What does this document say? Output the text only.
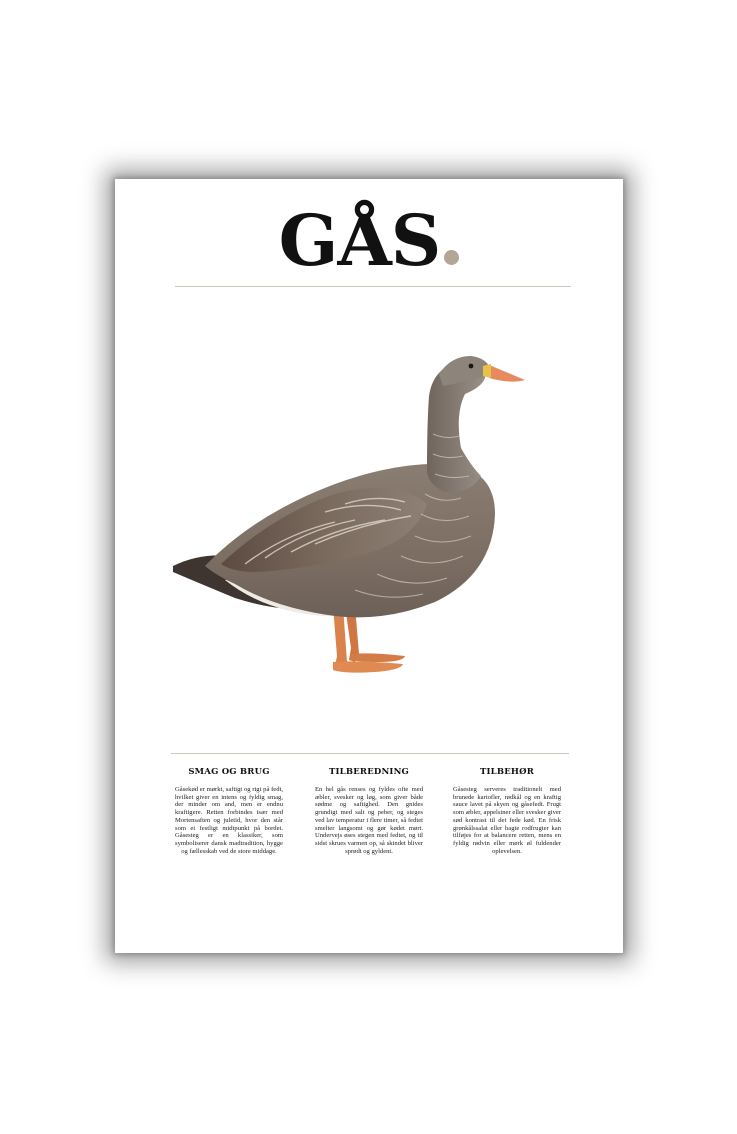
GÅS
SMAG OG BRUG

Gåsekød er mørkt, saftigt og rigt på fedt, hvilket giver en intens og fyldig smag, der minder om and, men er endnu kraftigere. Retten forbindes især med Mortensaften og juletid, hvor den står som et festligt midtpunkt på bordet. Gåsesteg er en klassiker, som symboliserer dansk madtradition, hygge og fællesskab ved de store middage.

TILBEREDNING

En hel gås renses og fyldes ofte med æbler, svesker og løg, som giver både sødme og saftighed. Den gnides grundigt med salt og peber, og steges ved lav temperatur i flere timer, så fedtet smelter langsomt og gør kødet mørt. Undervejs øses stegen med fedtet, og til sidst skrues varmen op, så skindet bliver sprødt og gyldent.

TILBEHØR

Gåsesteg serveres traditionelt med brunede kartofler, rødkål og en kraftig sauce lavet på skyen og gåsefedt. Frugt som æbler, appelsiner eller svesker giver sød kontrast til det fede kød. En frisk grønkålssalat eller bagte rodfrugter kan tilføjes for at balancere retten, mens en fyldig rødvin eller mørk øl fuldender oplevelsen.
